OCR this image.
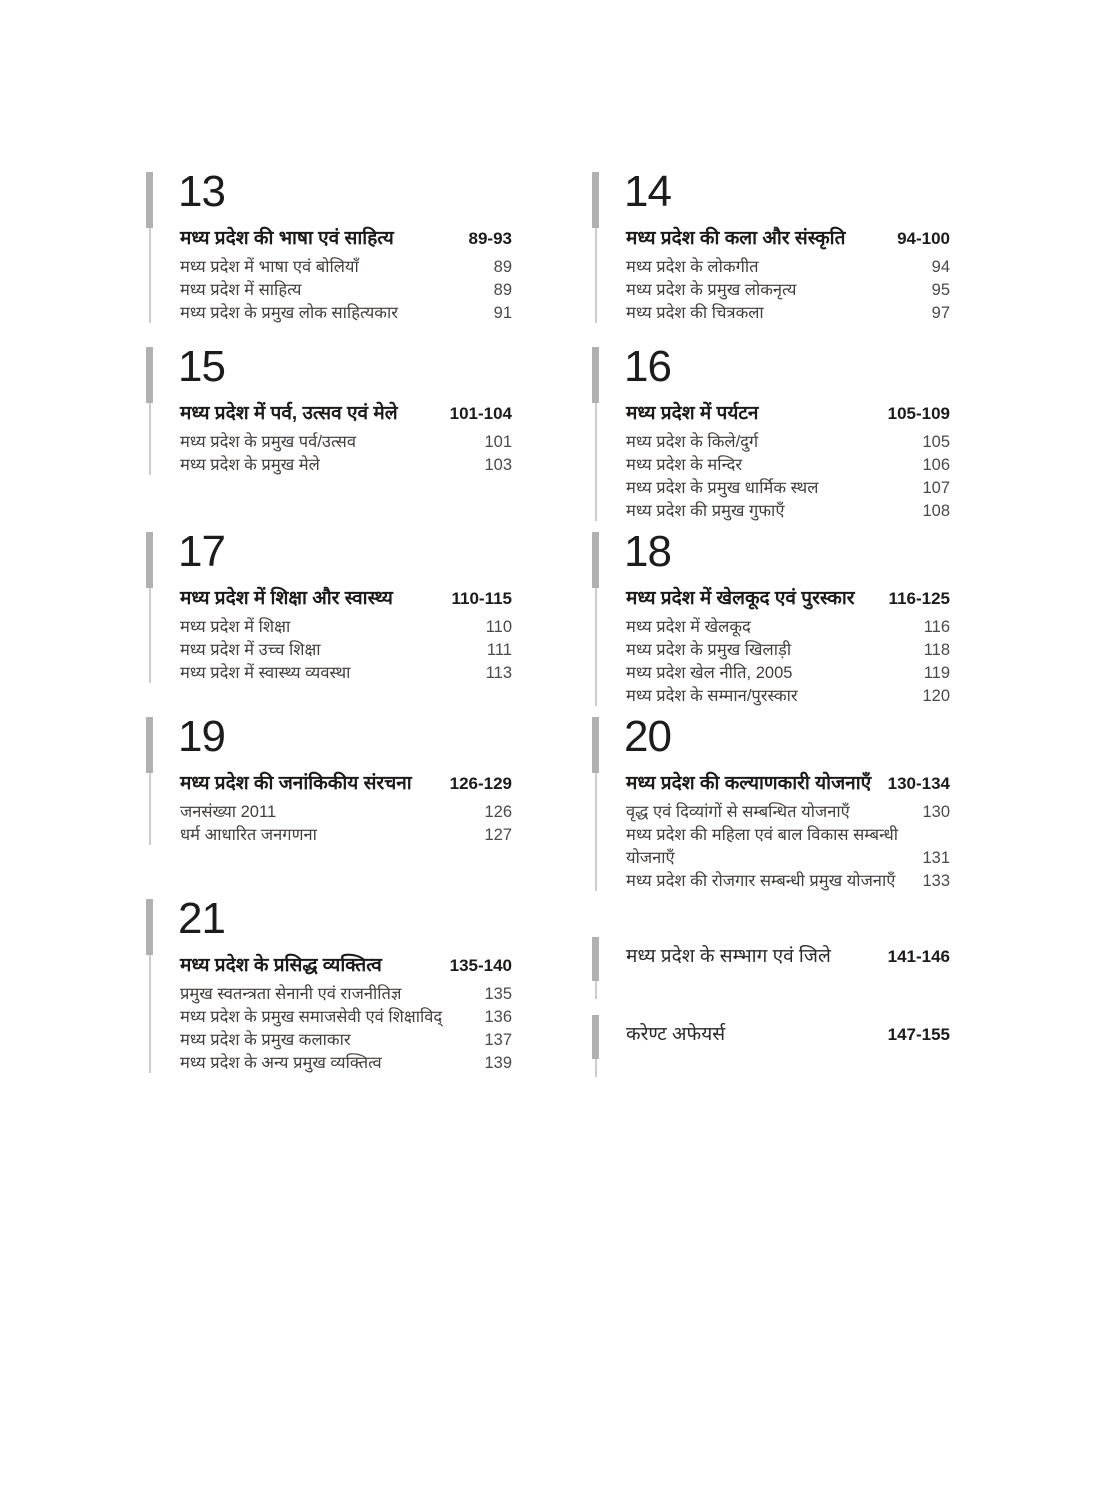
13
मध्य प्रदेश की भाषा एवं साहित्य	89-93
मध्य प्रदेश में भाषा एवं बोलियाँ	89
मध्य प्रदेश में साहित्य	89
मध्य प्रदेश के प्रमुख लोक साहित्यकार	91
14
मध्य प्रदेश की कला और संस्कृति	94-100
मध्य प्रदेश के लोकगीत	94
मध्य प्रदेश के प्रमुख लोकनृत्य	95
मध्य प्रदेश की चित्रकला	97
15
मध्य प्रदेश में पर्व, उत्सव एवं मेले	101-104
मध्य प्रदेश के प्रमुख पर्व/उत्सव	101
मध्य प्रदेश के प्रमुख मेले	103
16
मध्य प्रदेश में पर्यटन	105-109
मध्य प्रदेश के किले/दुर्ग	105
मध्य प्रदेश के मन्दिर	106
मध्य प्रदेश के प्रमुख धार्मिक स्थल	107
मध्य प्रदेश की प्रमुख गुफाएँ	108
17
मध्य प्रदेश में शिक्षा और स्वास्थ्य	110-115
मध्य प्रदेश में शिक्षा	110
मध्य प्रदेश में उच्च शिक्षा	111
मध्य प्रदेश में स्वास्थ्य व्यवस्था	113
18
मध्य प्रदेश में खेलकूद एवं पुरस्कार 116-125
मध्य प्रदेश में खेलकूद	116
मध्य प्रदेश के प्रमुख खिलाड़ी	118
मध्य प्रदेश खेल नीति, 2005	119
मध्य प्रदेश के सम्मान/पुरस्कार	120
19
मध्य प्रदेश की जनांकिकीय संरचना 126-129
जनसंख्या 2011	126
धर्म आधारित जनगणना	127
20
मध्य प्रदेश की कल्याणकारी योजनाएँ 130-134
वृद्ध एवं दिव्यांगों से सम्बन्धित योजनाएँ	130
मध्य प्रदेश की महिला एवं बाल विकास सम्बन्धी योजनाएँ	131
मध्य प्रदेश की रोजगार सम्बन्धी प्रमुख योजनाएँ	133
21
मध्य प्रदेश के प्रसिद्ध व्यक्तित्व	135-140
प्रमुख स्वतन्त्रता सेनानी एवं राजनीतिज्ञ	135
मध्य प्रदेश के प्रमुख समाजसेवी एवं शिक्षाविद्	136
मध्य प्रदेश के प्रमुख कलाकार	137
मध्य प्रदेश के अन्य प्रमुख व्यक्तित्व	139
मध्य प्रदेश के सम्भाग एवं जिले	141-146
करेण्ट अफेयर्स	147-155
